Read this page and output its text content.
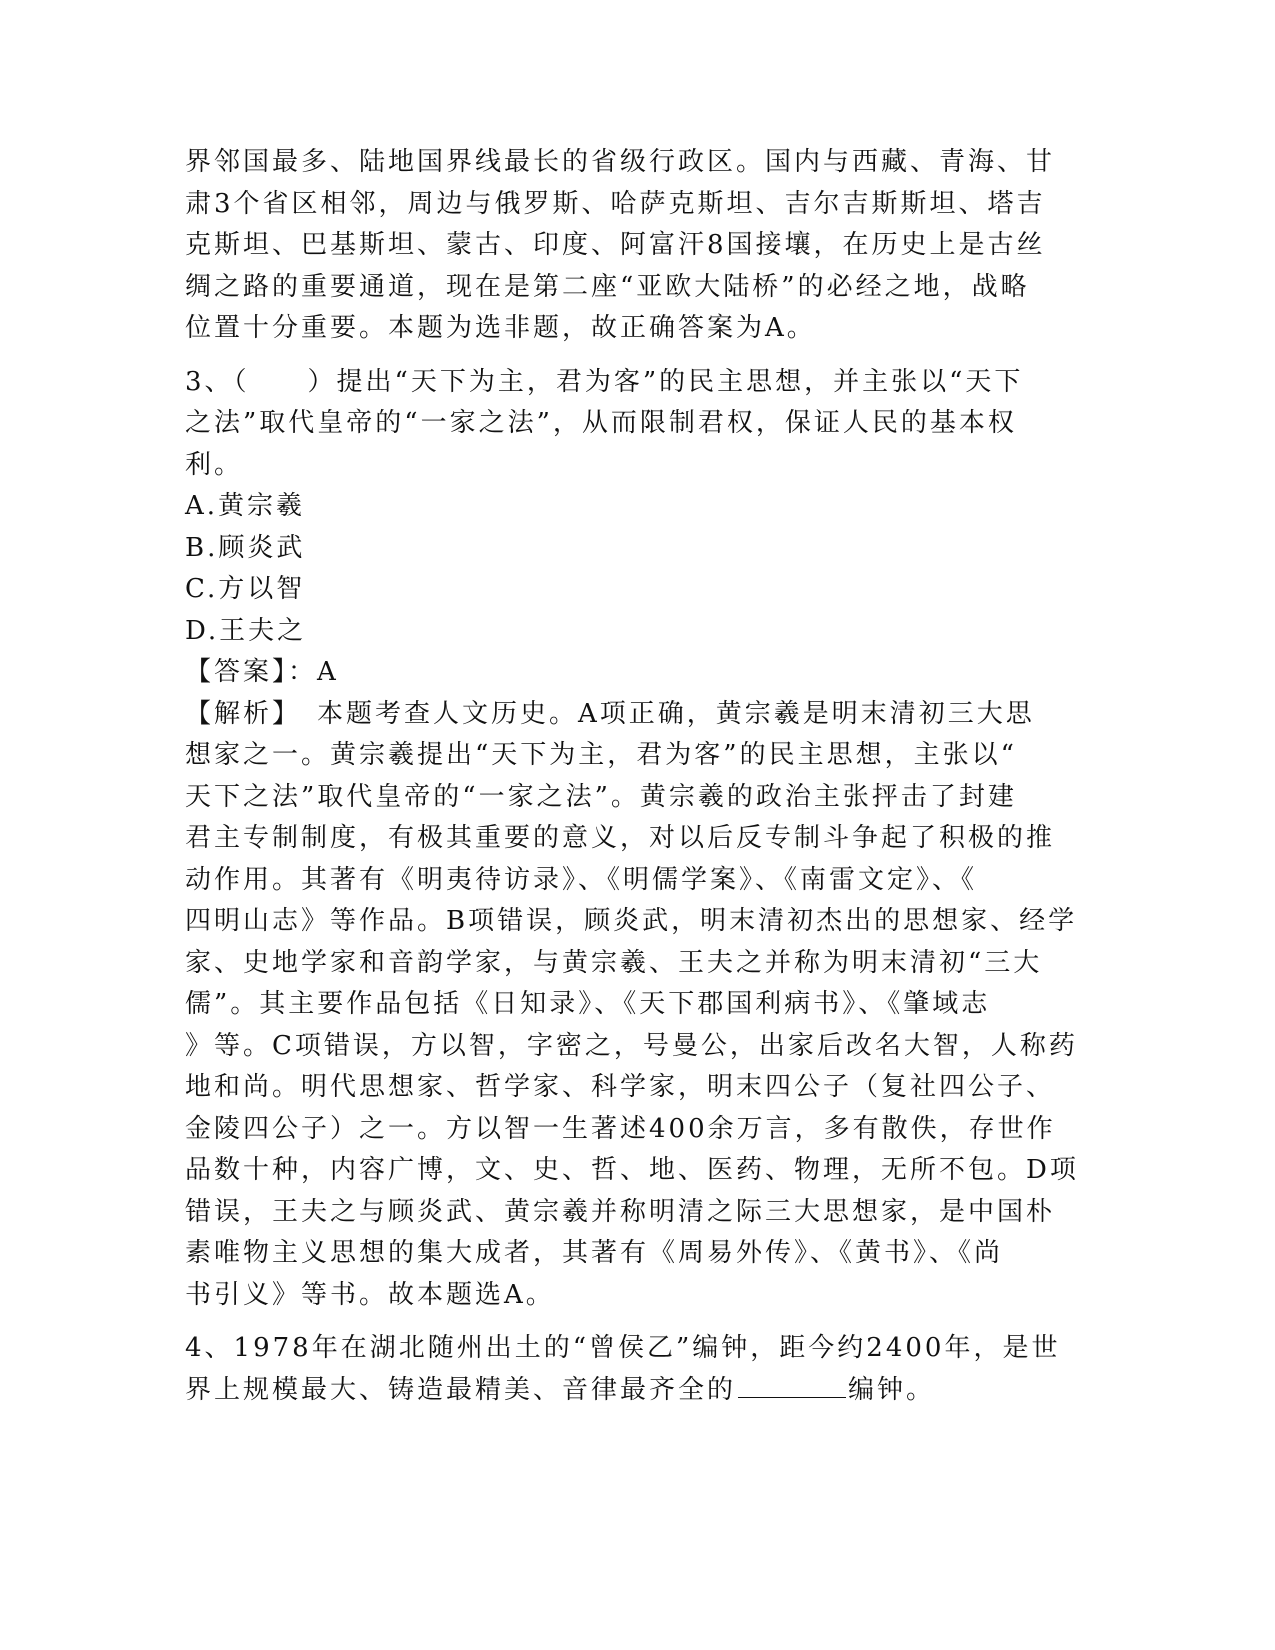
界邻国最多、陆地国界线最长的省级行政区。国内与西藏、青海、甘
肃3个省区相邻，周边与俄罗斯、哈萨克斯坦、吉尔吉斯斯坦、塔吉
克斯坦、巴基斯坦、蒙古、印度、阿富汗8国接壤，在历史上是古丝
绸之路的重要通道，现在是第二座“亚欧大陆桥”的必经之地，战略
位置十分重要。本题为选非题，故正确答案为A。
3、（　　）提出“天下为主，君为客”的民主思想，并主张以“天下
之法”取代皇帝的“一家之法”，从而限制君权，保证人民的基本权
利。
A.黄宗羲
B.顾炎武
C.方以智
D.王夫之
【答案】：A
【解析】　本题考查人文历史。A项正确，黄宗羲是明末清初三大思
想家之一。黄宗羲提出“天下为主，君为客”的民主思想，主张以“
天下之法”取代皇帝的“一家之法”。黄宗羲的政治主张抨击了封建
君主专制制度，有极其重要的意义，对以后反专制斗争起了积极的推
动作用。其著有《明夷待访录》、《明儒学案》、《南雷文定》、《
四明山志》等作品。B项错误，顾炎武，明末清初杰出的思想家、经学
家、史地学家和音韵学家，与黄宗羲、王夫之并称为明末清初“三大
儒”。其主要作品包括《日知录》、《天下郡国利病书》、《肇域志
》等。C项错误，方以智，字密之，号曼公，出家后改名大智，人称药
地和尚。明代思想家、哲学家、科学家，明末四公子（复社四公子、
金陵四公子）之一。方以智一生著述400余万言，多有散佚，存世作
品数十种，内容广博，文、史、哲、地、医药、物理，无所不包。D项
错误，王夫之与顾炎武、黄宗羲并称明清之际三大思想家，是中国朴
素唯物主义思想的集大成者，其著有《周易外传》、《黄书》、《尚
书引义》等书。故本题选A。
4、1978年在湖北随州出土的“曾侯乙”编钟，距今约2400年，是世
界上规模最大、铸造最精美、音律最齐全的	编钟。
